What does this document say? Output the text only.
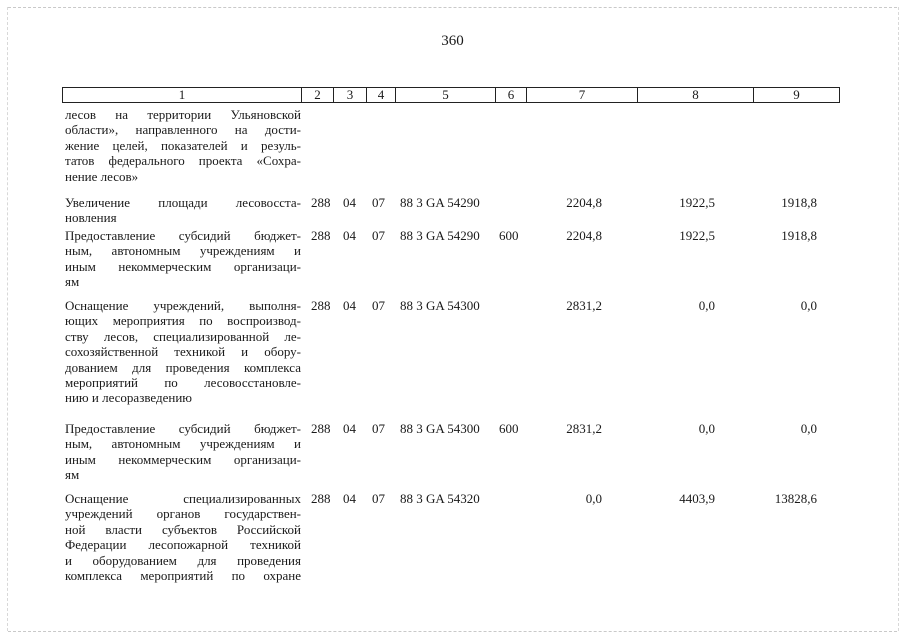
360
1	2	3	4	5	6	7	8	9
лесов на территории Ульяновской
области», направленного на дости-
жение целей, показателей и резуль-
татов федерального проекта «Сохра-
нение лесов»
Увеличение площади лесовосста-
новления
288 04 07 88 3 GA 54290	2204,8	1922,5	1918,8
Предоставление субсидий бюджет-
ным, автономным учреждениям и
иным некоммерческим организаци-
ям
288 04 07 88 3 GA 54290 600	2204,8	1922,5	1918,8
Оснащение учреждений, выполня-
ющих мероприятия по воспроизвод-
ству лесов, специализированной ле-
сохозяйственной техникой и обору-
дованием для проведения комплекса
мероприятий по лесовосстановле-
нию и лесоразведению
288 04 07 88 3 GA 54300	2831,2	0,0	0,0
Предоставление субсидий бюджет-
ным, автономным учреждениям и
иным некоммерческим организаци-
ям
288 04 07 88 3 GA 54300 600	2831,2	0,0	0,0
Оснащение специализированных
учреждений органов государствен-
ной власти субъектов Российской
Федерации лесопожарной техникой
и оборудованием для проведения
комплекса мероприятий по охране
288 04 07 88 3 GA 54320	0,0	4403,9	13828,6
